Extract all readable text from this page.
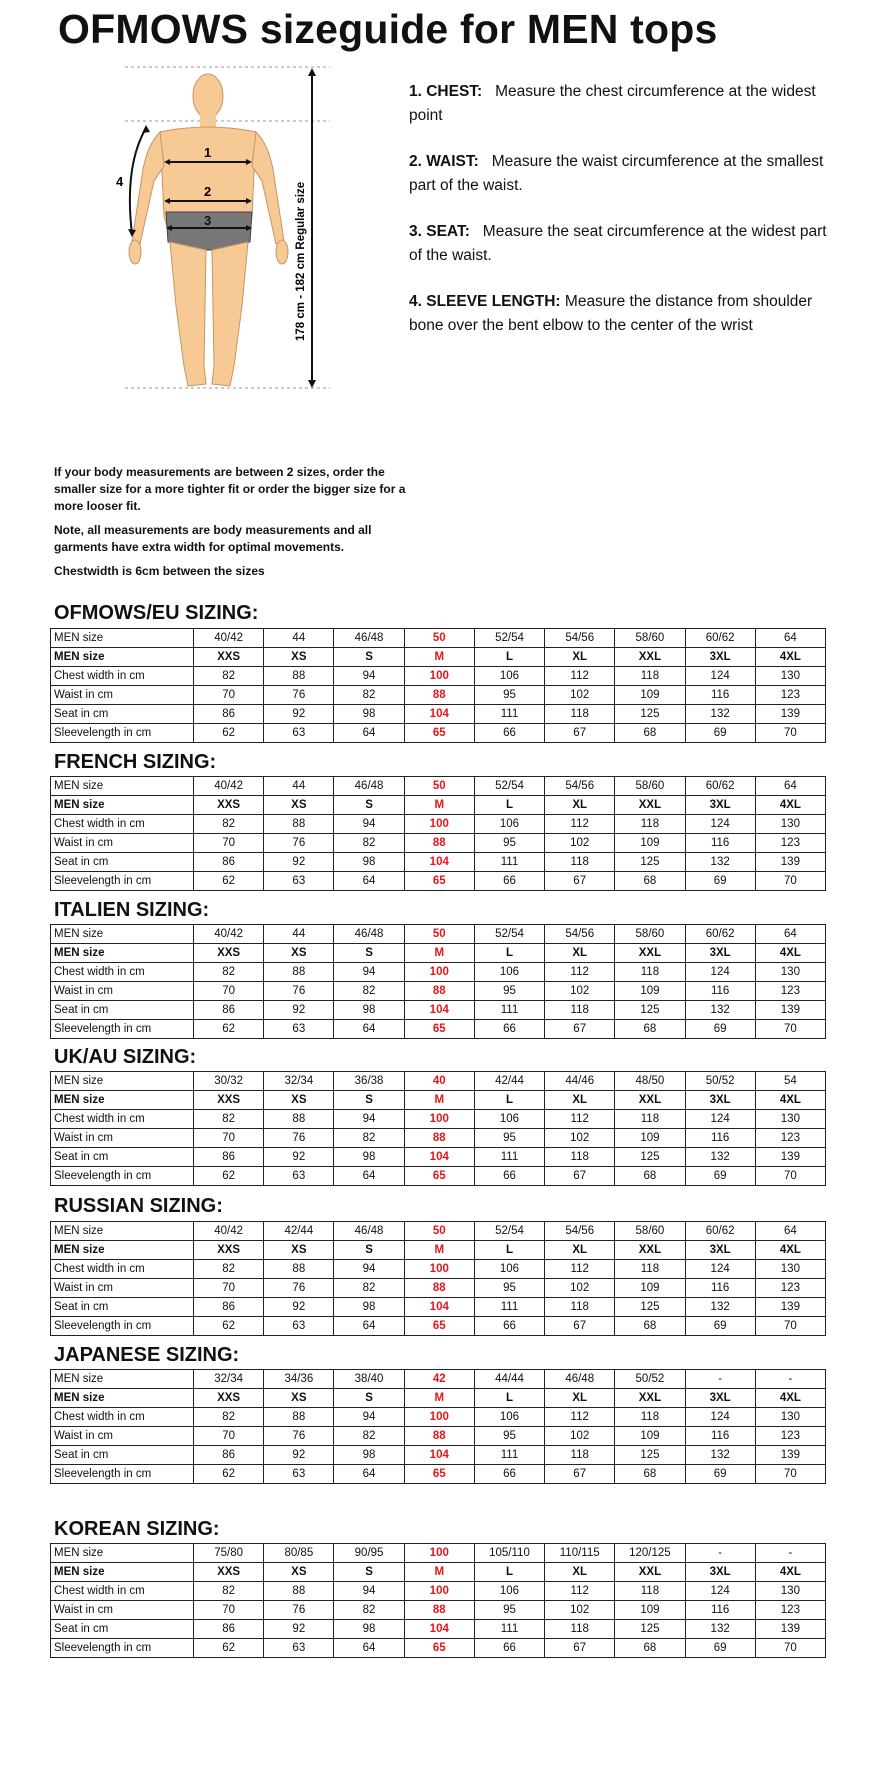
OFMOWS sizeguide for MEN tops
1
2
3
4
178 cm - 182 cm Regular size

1. CHEST: Measure the chest circumference at the widest point

2. WAIST: Measure the waist circumference at the smallest part of the waist.

3. SEAT: Measure the seat circumference at the widest part of the waist.

4. SLEEVE LENGTH: Measure the distance from shoulder bone over the bent elbow to the center of the wrist

If your body measurements are between 2 sizes, order the smaller size for a more tighter fit or order the bigger size for a more looser fit.

Note, all measurements are body measurements and all garments have extra width for optimal movements.

Chestwidth is 6cm between the sizes

OFMOWS/EU SIZING:
MEN size	40/42	44	46/48	50	52/54	54/56	58/60	60/62	64
MEN size	XXS	XS	S	M	L	XL	XXL	3XL	4XL
Chest width in cm	82	88	94	100	106	112	118	124	130
Waist in cm	70	76	82	88	95	102	109	116	123
Seat in cm	86	92	98	104	111	118	125	132	139
Sleevelength in cm	62	63	64	65	66	67	68	69	70
FRENCH SIZING:
MEN size	40/42	44	46/48	50	52/54	54/56	58/60	60/62	64
MEN size	XXS	XS	S	M	L	XL	XXL	3XL	4XL
Chest width in cm	82	88	94	100	106	112	118	124	130
Waist in cm	70	76	82	88	95	102	109	116	123
Seat in cm	86	92	98	104	111	118	125	132	139
Sleevelength in cm	62	63	64	65	66	67	68	69	70
ITALIEN SIZING:
MEN size	40/42	44	46/48	50	52/54	54/56	58/60	60/62	64
MEN size	XXS	XS	S	M	L	XL	XXL	3XL	4XL
Chest width in cm	82	88	94	100	106	112	118	124	130
Waist in cm	70	76	82	88	95	102	109	116	123
Seat in cm	86	92	98	104	111	118	125	132	139
Sleevelength in cm	62	63	64	65	66	67	68	69	70
UK/AU SIZING:
MEN size	30/32	32/34	36/38	40	42/44	44/46	48/50	50/52	54
MEN size	XXS	XS	S	M	L	XL	XXL	3XL	4XL
Chest width in cm	82	88	94	100	106	112	118	124	130
Waist in cm	70	76	82	88	95	102	109	116	123
Seat in cm	86	92	98	104	111	118	125	132	139
Sleevelength in cm	62	63	64	65	66	67	68	69	70
RUSSIAN SIZING:
MEN size	40/42	42/44	46/48	50	52/54	54/56	58/60	60/62	64
MEN size	XXS	XS	S	M	L	XL	XXL	3XL	4XL
Chest width in cm	82	88	94	100	106	112	118	124	130
Waist in cm	70	76	82	88	95	102	109	116	123
Seat in cm	86	92	98	104	111	118	125	132	139
Sleevelength in cm	62	63	64	65	66	67	68	69	70
JAPANESE SIZING:
MEN size	32/34	34/36	38/40	42	44/44	46/48	50/52	-	-
MEN size	XXS	XS	S	M	L	XL	XXL	3XL	4XL
Chest width in cm	82	88	94	100	106	112	118	124	130
Waist in cm	70	76	82	88	95	102	109	116	123
Seat in cm	86	92	98	104	111	118	125	132	139
Sleevelength in cm	62	63	64	65	66	67	68	69	70
KOREAN SIZING:
MEN size	75/80	80/85	90/95	100	105/110	110/115	120/125	-	-
MEN size	XXS	XS	S	M	L	XL	XXL	3XL	4XL
Chest width in cm	82	88	94	100	106	112	118	124	130
Waist in cm	70	76	82	88	95	102	109	116	123
Seat in cm	86	92	98	104	111	118	125	132	139
Sleevelength in cm	62	63	64	65	66	67	68	69	70
